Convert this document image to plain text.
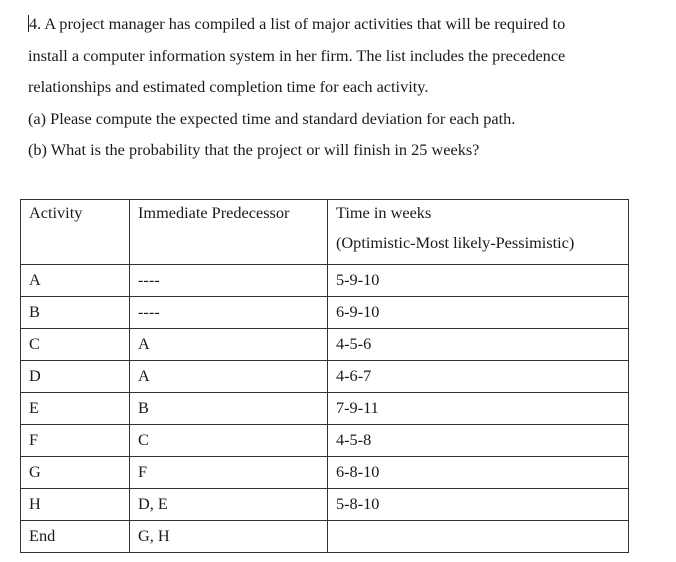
4. A project manager has compiled a list of major activities that will be required to
install a computer information system in her firm. The list includes the precedence
relationships and estimated completion time for each activity.
(a) Please compute the expected time and standard deviation for each path.
(b) What is the probability that the project or will finish in 25 weeks?
Activity	Immediate Predecessor	Time in weeks
(Optimistic-Most likely-Pessimistic)

A	----	5-9-10
B	----	6-9-10
C	A	4-5-6
D	A	4-6-7
E	B	7-9-11
F	C	4-5-8
G	F	6-8-10
H	D, E	5-8-10
End	G, H	
